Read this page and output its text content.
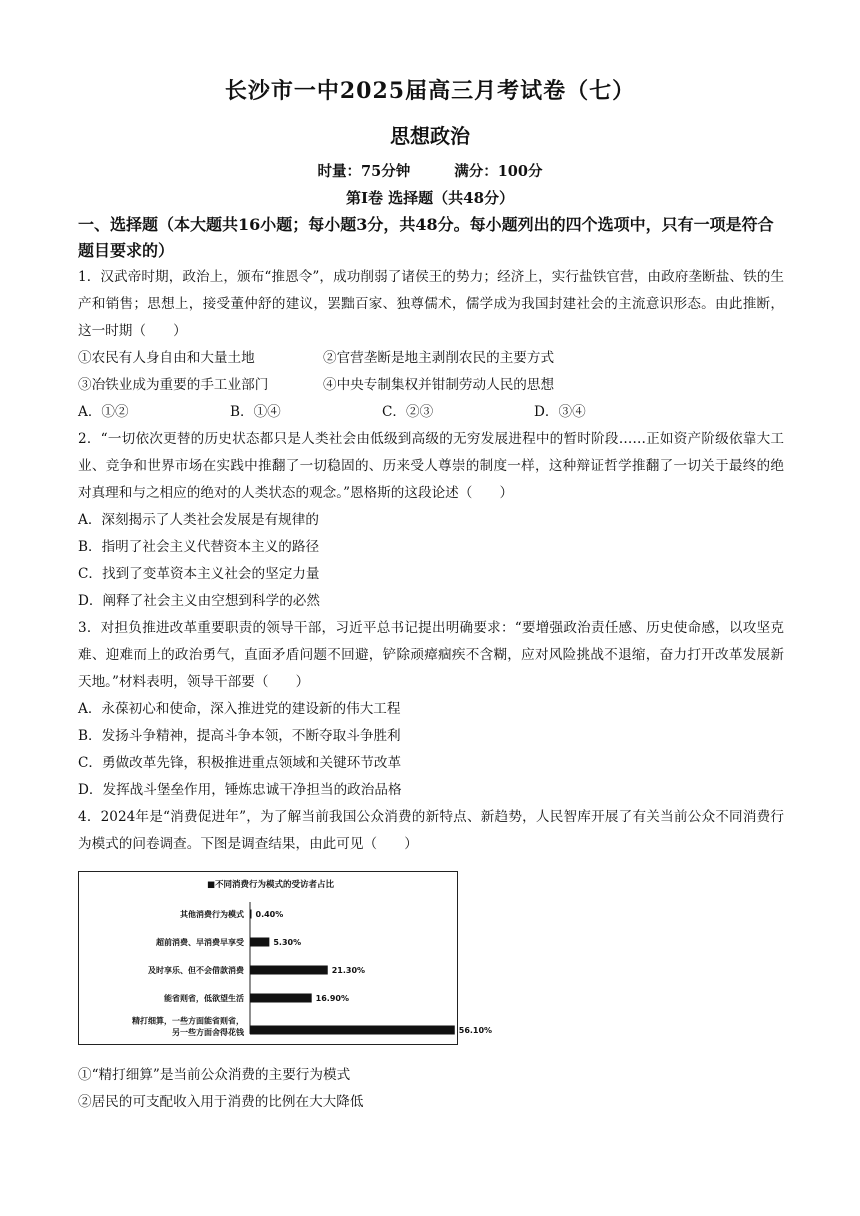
长沙市一中2025届高三月考试卷（七）
思想政治
时量：75分钟	满分：100分
第Ⅰ卷 选择题（共48分）
一、选择题（本大题共16小题；每小题3分，共48分。每小题列出的四个选项中，只有一项是符合题目要求的）

1．汉武帝时期，政治上，颁布“推恩令”，成功削弱了诸侯王的势力；经济上，实行盐铁官营，由政府垄断盐、铁的生产和销售；思想上，接受董仲舒的建议，罢黜百家、独尊儒术，儒学成为我国封建社会的主流意识形态。由此推断，这一时期（　　）

①农民有人身自由和大量土地	②官营垄断是地主剥削农民的主要方式
③冶铁业成为重要的手工业部门	④中央专制集权并钳制劳动人民的思想
A．①②	B．①④	C．②③	D．③④

2．“一切依次更替的历史状态都只是人类社会由低级到高级的无穷发展进程中的暂时阶段……正如资产阶级依靠大工业、竞争和世界市场在实践中推翻了一切稳固的、历来受人尊崇的制度一样，这种辩证哲学推翻了一切关于最终的绝对真理和与之相应的绝对的人类状态的观念。”恩格斯的这段论述（　　）

A．深刻揭示了人类社会发展是有规律的

B．指明了社会主义代替资本主义的路径

C．找到了变革资本主义社会的坚定力量

D．阐释了社会主义由空想到科学的必然

3．对担负推进改革重要职责的领导干部，习近平总书记提出明确要求：“要增强政治责任感、历史使命感，以攻坚克难、迎难而上的政治勇气，直面矛盾问题不回避，铲除顽瘴痼疾不含糊，应对风险挑战不退缩，奋力打开改革发展新天地。”材料表明，领导干部要（　　）

A．永葆初心和使命，深入推进党的建设新的伟大工程

B．发扬斗争精神，提高斗争本领，不断夺取斗争胜利

C．勇做改革先锋，积极推进重点领域和关键环节改革

D．发挥战斗堡垒作用，锤炼忠诚干净担当的政治品格

4．2024年是“消费促进年”，为了解当前我国公众消费的新特点、新趋势，人民智库开展了有关当前公众不同消费行为模式的问卷调查。下图是调查结果，由此可见（　　）

■不同消费行为模式的受访者占比
其他消费行为模式 0.40%
超前消费、早消费早享受	5.30%
及时享乐、但不会借款消费	21.30%
能省则省，低欲望生活	16.90%
精打细算，一些方面能省则省，
另一些方面舍得花钱	56.10%

①“精打细算”是当前公众消费的主要行为模式

②居民的可支配收入用于消费的比例在大大降低
